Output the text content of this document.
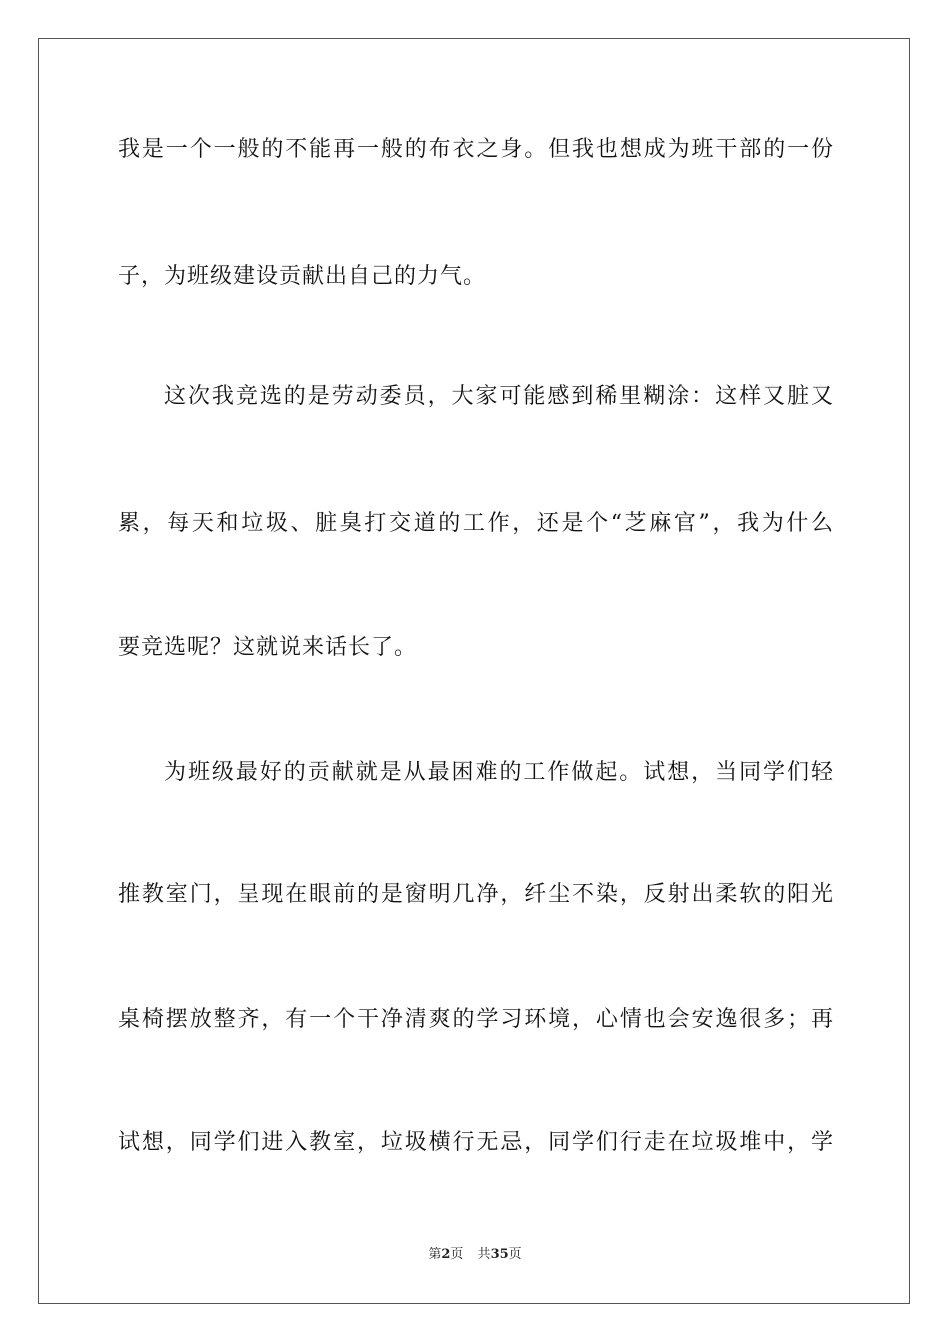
我是一个一般的不能再一般的布衣之身。但我也想成为班干部的一份
子，为班级建设贡献出自己的力气。
这次我竞选的是劳动委员，大家可能感到稀里糊涂：这样又脏又
累，每天和垃圾、脏臭打交道的工作，还是个“芝麻官”，我为什么
要竞选呢？这就说来话长了。
为班级最好的贡献就是从最困难的工作做起。试想，当同学们轻
推教室门，呈现在眼前的是窗明几净，纤尘不染，反射出柔软的阳光
桌椅摆放整齐，有一个干净清爽的学习环境，心情也会安逸很多；再
试想，同学们进入教室，垃圾横行无忌，同学们行走在垃圾堆中，学
第2页 共35页
